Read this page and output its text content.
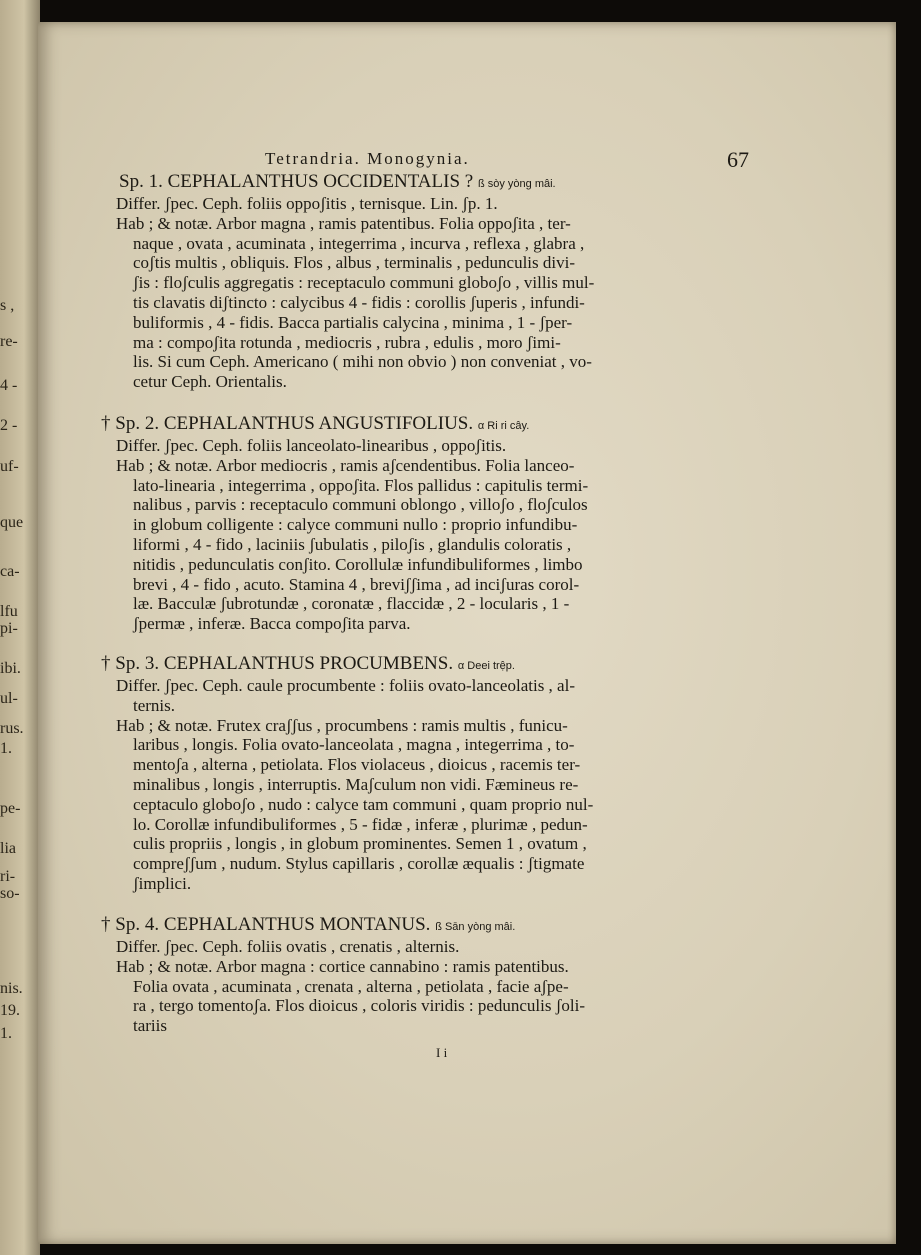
s ,
re-
4 -
2 -
uf-
que
ca-
lfu
pi-
ibi.
ul-
rus.
1.
pe-
lia
ri-
so-
nis.
19.
1.
Tetrandria. Monogynia.	67
Sp. 1. CEPHALANTHUS OCCIDENTALIS ? ß sòy yòng mâi.
Differ. ʃpec. Ceph. foliis oppoʃitis , ternisque. Lin. ʃp. 1.
Hab ; & notæ. Arbor magna , ramis patentibus. Folia oppoʃita , ter-
naque , ovata , acuminata , integerrima , incurva , reflexa , glabra ,
coʃtis multis , obliquis. Flos , albus , terminalis , pedunculis divi-
ʃis : floʃculis aggregatis : receptaculo communi globoʃo , villis mul-
tis clavatis diʃtincto : calycibus 4 - fidis : corollis ʃuperis , infundi-
buliformis , 4 - fidis. Bacca partialis calycina , minima , 1 - ʃper-
ma : compoʃita rotunda , mediocris , rubra , edulis , moro ʃimi-
lis. Si cum Ceph. Americano ( mihi non obvio ) non conveniat , vo-
cetur Ceph. Orientalis.
† Sp. 2. CEPHALANTHUS ANGUSTIFOLIUS. α Ri ri cây.
Differ. ʃpec. Ceph. foliis lanceolato-linearibus , oppoʃitis.
Hab ; & notæ. Arbor mediocris , ramis aʃcendentibus. Folia lanceo-
lato-linearia , integerrima , oppoʃita. Flos pallidus : capitulis termi-
nalibus , parvis : receptaculo communi oblongo , villoʃo , floʃculos
in globum colligente : calyce communi nullo : proprio infundibu-
liformi , 4 - fido , laciniis ʃubulatis , piloʃis , glandulis coloratis ,
nitidis , pedunculatis conʃito. Corollulæ infundibuliformes , limbo
brevi , 4 - fido , acuto. Stamina 4 , breviʃʃima , ad inciʃuras corol-
læ. Bacculæ ʃubrotundæ , coronatæ , flaccidæ , 2 - locularis , 1 -
ʃpermæ , inferæ. Bacca compoʃita parva.
† Sp. 3. CEPHALANTHUS PROCUMBENS. α Deei trệp.
Differ. ʃpec. Ceph. caule procumbente : foliis ovato-lanceolatis , al-
ternis.
Hab ; & notæ. Frutex craʃʃus , procumbens : ramis multis , funicu-
laribus , longis. Folia ovato-lanceolata , magna , integerrima , to-
mentoʃa , alterna , petiolata. Flos violaceus , dioicus , racemis ter-
minalibus , longis , interruptis. Maʃculum non vidi. Fæmineus re-
ceptaculo globoʃo , nudo : calyce tam communi , quam proprio nul-
lo. Corollæ infundibuliformes , 5 - fidæ , inferæ , plurimæ , pedun-
culis propriis , longis , in globum prominentes. Semen 1 , ovatum ,
compreʃʃum , nudum. Stylus capillaris , corollæ æqualis : ʃtigmate
ʃimplici.
† Sp. 4. CEPHALANTHUS MONTANUS. ß Sān yòng mâi.
Differ. ʃpec. Ceph. foliis ovatis , crenatis , alternis.
Hab ; & notæ. Arbor magna : cortice cannabino : ramis patentibus.
Folia ovata , acuminata , crenata , alterna , petiolata , facie aʃpe-
ra , tergo tomentoʃa. Flos dioicus , coloris viridis : pedunculis ʃoli-
tariis
I i
